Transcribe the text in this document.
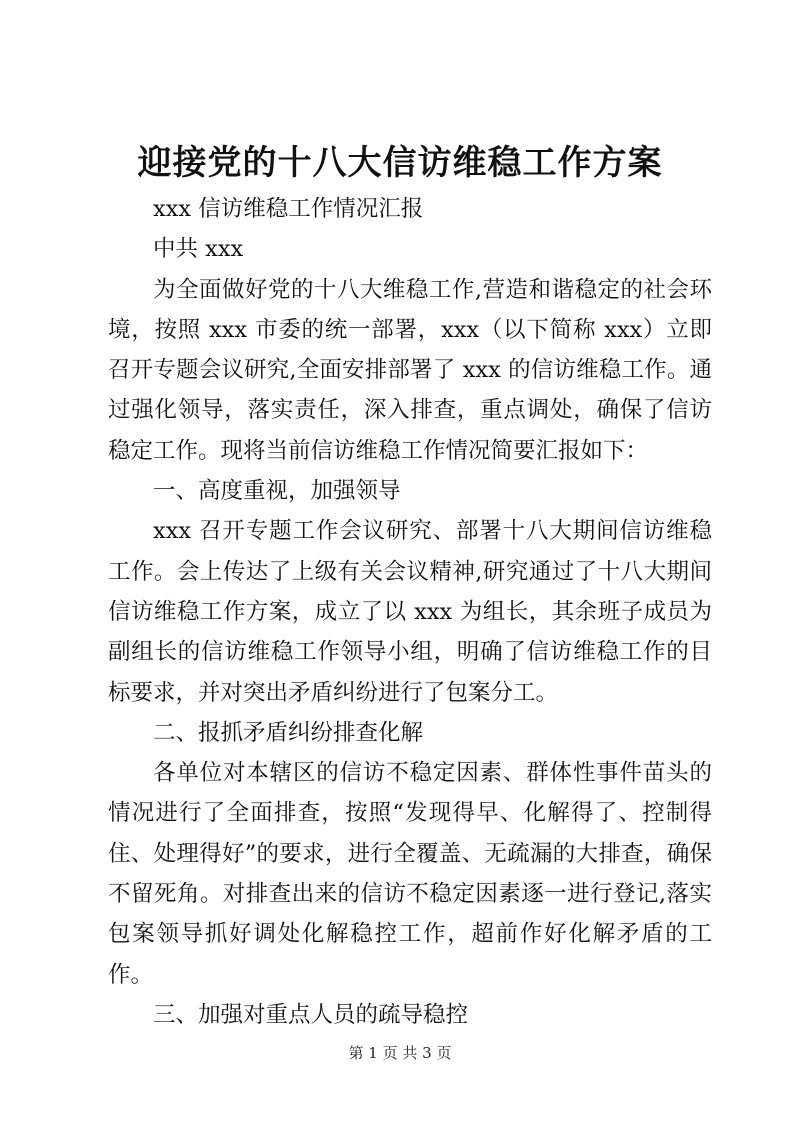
迎接党的十八大信访维稳工作方案

xxx 信访维稳工作情况汇报

中共 xxx

为全面做好党的十八大维稳工作,营造和谐稳定的社会环境，按照 xxx 市委的统一部署，xxx（以下简称 xxx）立即召开专题会议研究,全面安排部署了 xxx 的信访维稳工作。通过强化领导，落实责任，深入排查，重点调处，确保了信访稳定工作。现将当前信访维稳工作情况简要汇报如下：

一、高度重视，加强领导

xxx 召开专题工作会议研究、部署十八大期间信访维稳工作。会上传达了上级有关会议精神,研究通过了十八大期间信访维稳工作方案，成立了以 xxx 为组长，其余班子成员为副组长的信访维稳工作领导小组，明确了信访维稳工作的目标要求，并对突出矛盾纠纷进行了包案分工。

二、报抓矛盾纠纷排查化解

各单位对本辖区的信访不稳定因素、群体性事件苗头的情况进行了全面排查，按照“发现得早、化解得了、控制得住、处理得好”的要求，进行全覆盖、无疏漏的大排查，确保不留死角。对排查出来的信访不稳定因素逐一进行登记,落实包案领导抓好调处化解稳控工作，超前作好化解矛盾的工作。

三、加强对重点人员的疏导稳控

第 1 页 共 3 页
